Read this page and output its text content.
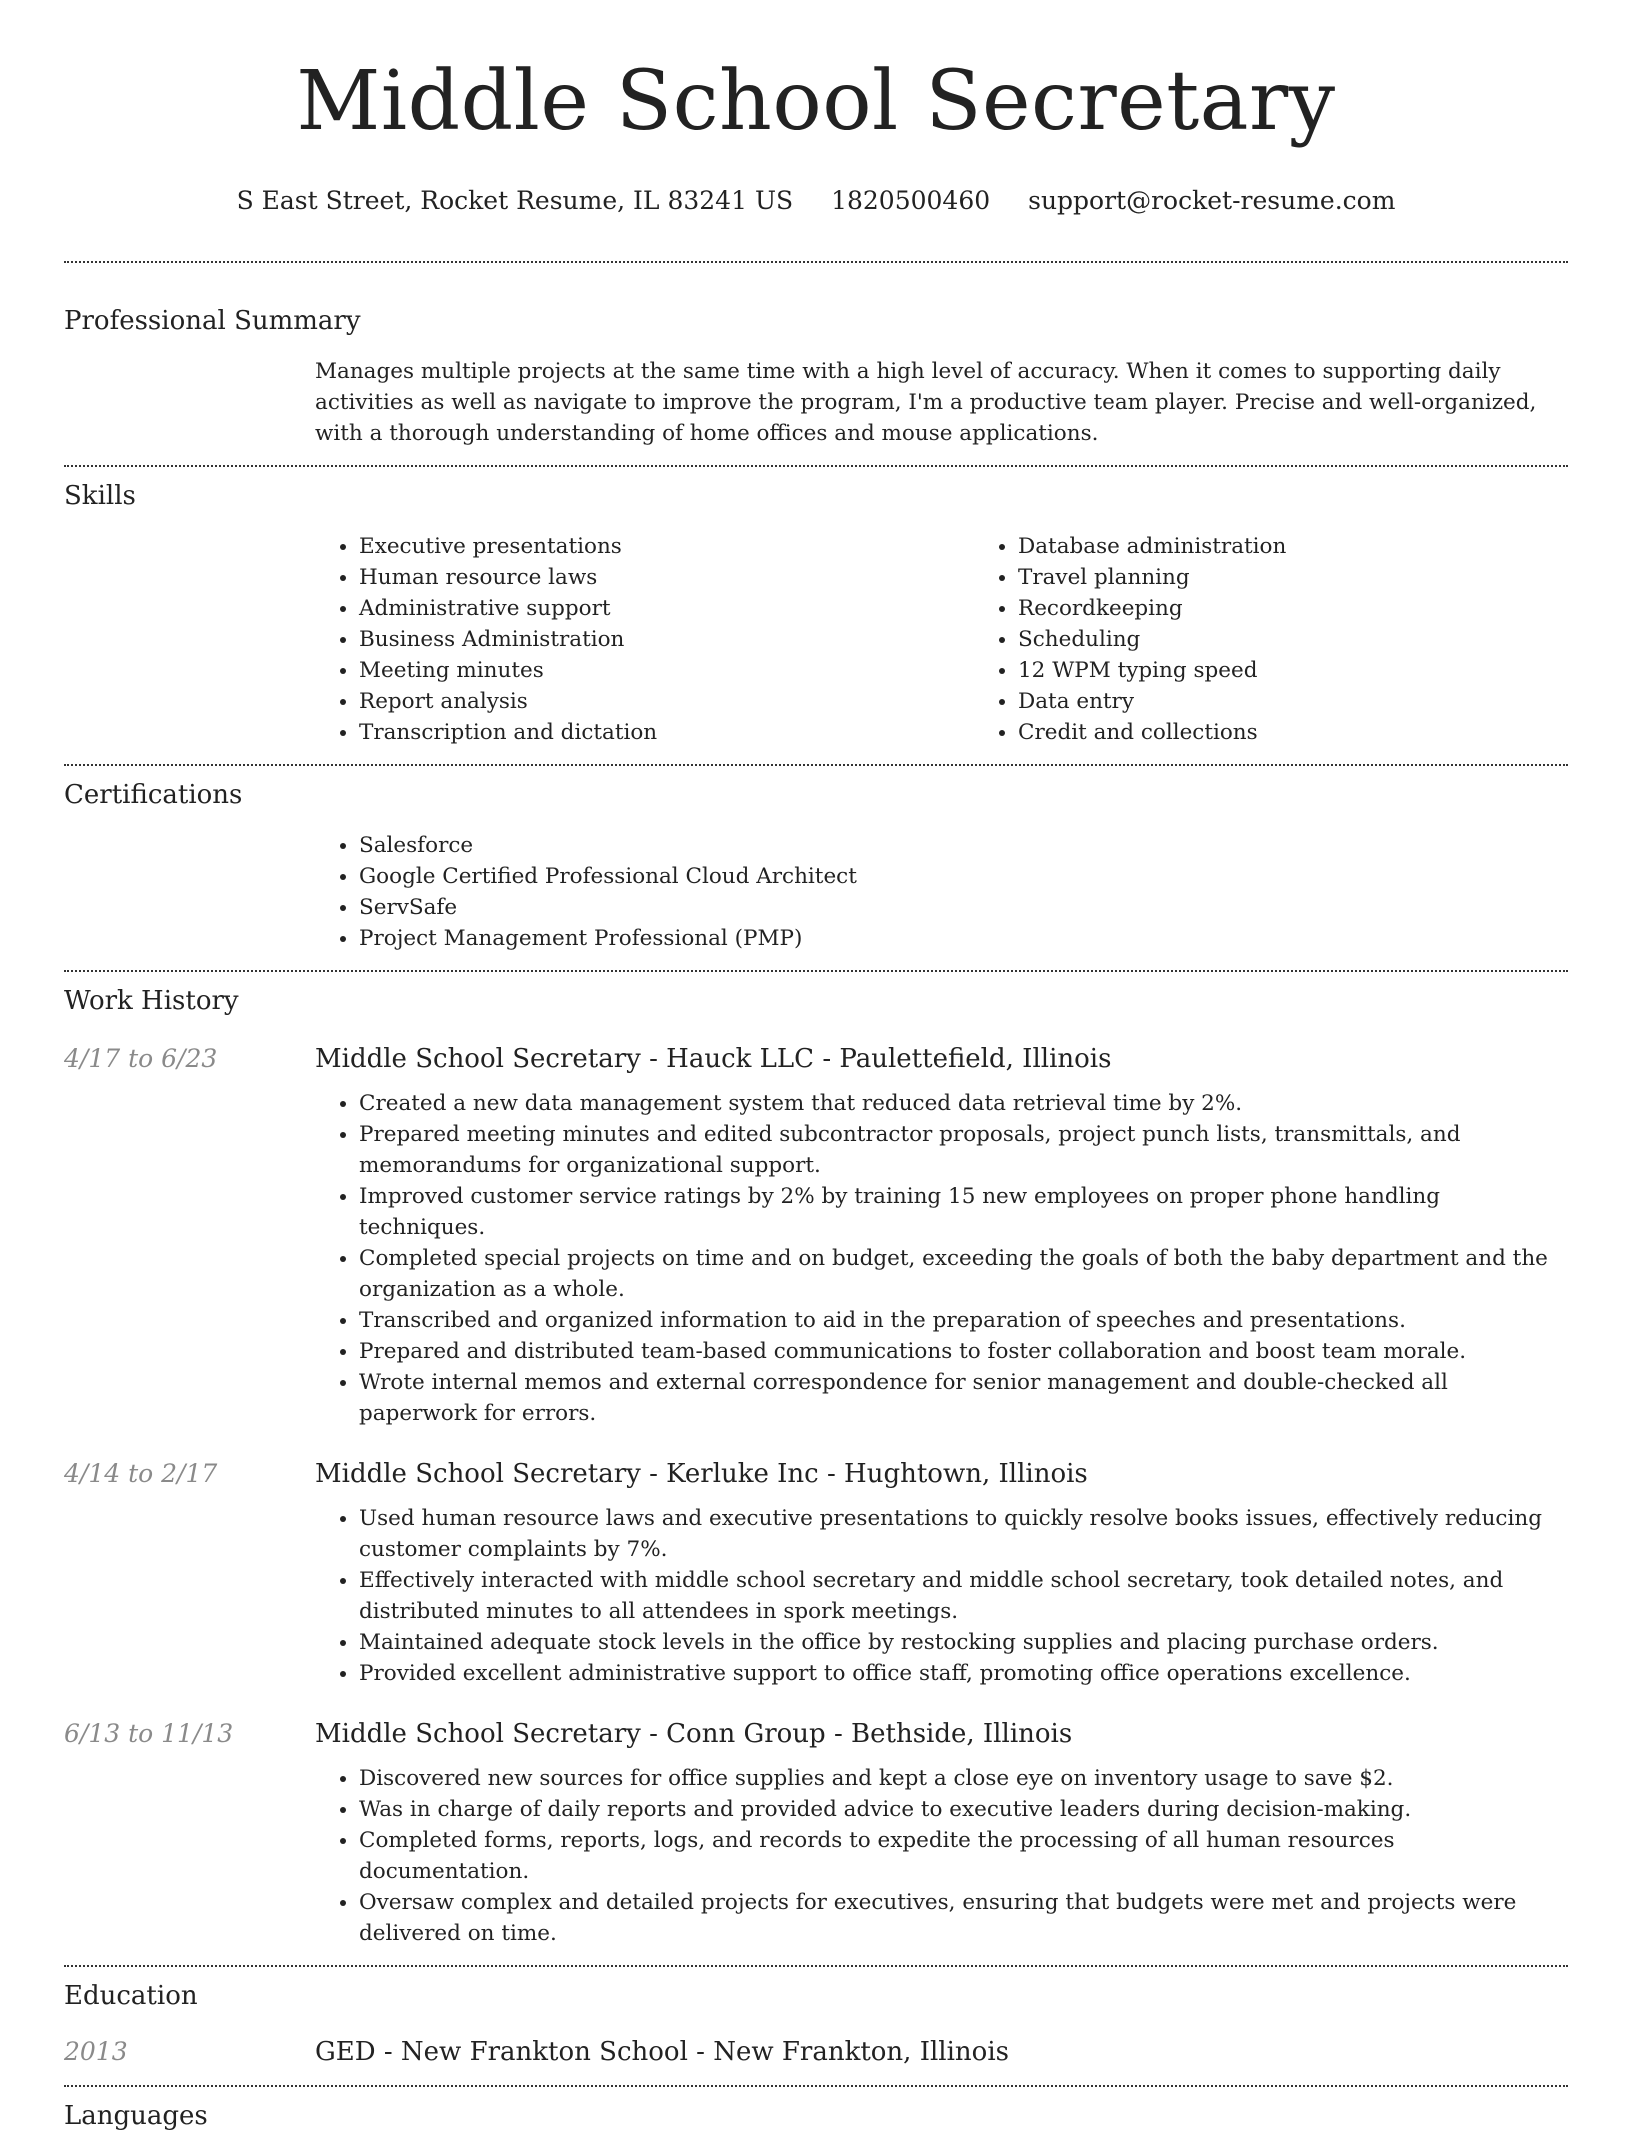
Middle School Secretary
S East Street, Rocket Resume, IL 83241 US 1820500460 support@rocket-resume.com
Professional Summary
Manages multiple projects at the same time with a high level of accuracy. When it comes to supporting daily activities as well as navigate to improve the program, I'm a productive team player. Precise and well-organized, with a thorough understanding of home offices and mouse applications.
Skills
• Executive presentations
• Human resource laws
• Administrative support
• Business Administration
• Meeting minutes
• Report analysis
• Transcription and dictation
• Database administration
• Travel planning
• Recordkeeping
• Scheduling
• 12 WPM typing speed
• Data entry
• Credit and collections
Certifications
• Salesforce
• Google Certified Professional Cloud Architect
• ServSafe
• Project Management Professional (PMP)
Work History
4/17 to 6/23	Middle School Secretary - Hauck LLC - Paulettefield, Illinois
• Created a new data management system that reduced data retrieval time by 2%.
• Prepared meeting minutes and edited subcontractor proposals, project punch lists, transmittals, and memorandums for organizational support.
• Improved customer service ratings by 2% by training 15 new employees on proper phone handling techniques.
• Completed special projects on time and on budget, exceeding the goals of both the baby department and the organization as a whole.
• Transcribed and organized information to aid in the preparation of speeches and presentations.
• Prepared and distributed team-based communications to foster collaboration and boost team morale.
• Wrote internal memos and external correspondence for senior management and double-checked all paperwork for errors.
4/14 to 2/17	Middle School Secretary - Kerluke Inc - Hughtown, Illinois
• Used human resource laws and executive presentations to quickly resolve books issues, effectively reducing customer complaints by 7%.
• Effectively interacted with middle school secretary and middle school secretary, took detailed notes, and distributed minutes to all attendees in spork meetings.
• Maintained adequate stock levels in the office by restocking supplies and placing purchase orders.
• Provided excellent administrative support to office staff, promoting office operations excellence.
6/13 to 11/13	Middle School Secretary - Conn Group - Bethside, Illinois
• Discovered new sources for office supplies and kept a close eye on inventory usage to save $2.
• Was in charge of daily reports and provided advice to executive leaders during decision-making.
• Completed forms, reports, logs, and records to expedite the processing of all human resources documentation.
• Oversaw complex and detailed projects for executives, ensuring that budgets were met and projects were delivered on time.
Education
2013	GED - New Frankton School - New Frankton, Illinois
Languages
